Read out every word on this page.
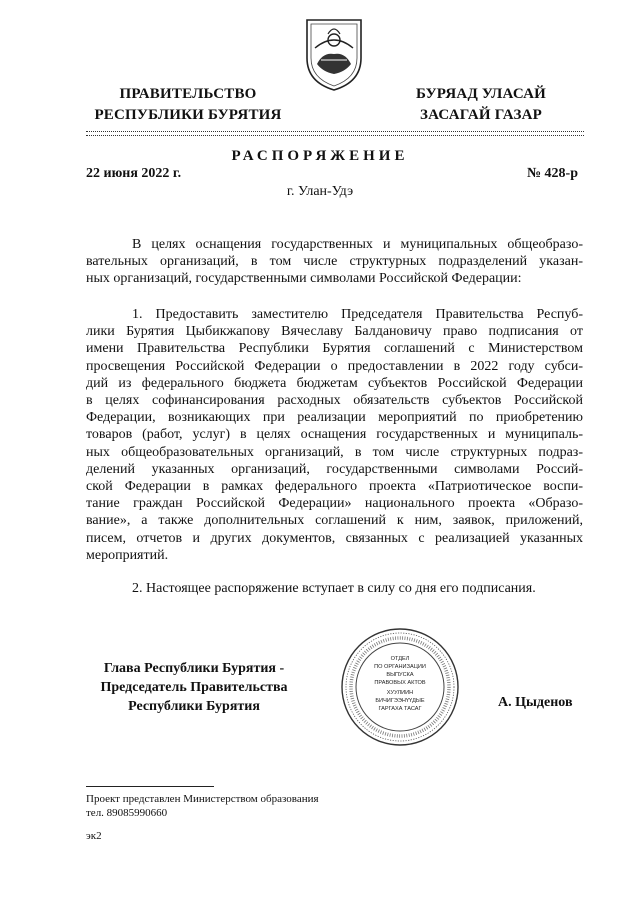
ПРАВИТЕЛЬСТВО
РЕСПУБЛИКИ БУРЯТИЯ
БУРЯАД УЛАСАЙ
ЗАСАГАЙ ГАЗАР
РАСПОРЯЖЕНИЕ
22 июня 2022 г.	№ 428-р
г. Улан-Удэ
В целях оснащения государственных и муниципальных общеобразо-
вательных организаций, в том числе структурных подразделений указан-
ных организаций, государственными символами Российской Федерации:
1. Предоставить заместителю Председателя Правительства Респуб-
лики Бурятия Цыбикжапову Вячеславу Балдановичу право подписания от
имени Правительства Республики Бурятия соглашений с Министерством
просвещения Российской Федерации о предоставлении в 2022 году субси-
дий из федерального бюджета бюджетам субъектов Российской Федерации
в целях софинансирования расходных обязательств субъектов Российской
Федерации, возникающих при реализации мероприятий по приобретению
товаров (работ, услуг) в целях оснащения государственных и муниципаль-
ных общеобразовательных организаций, в том числе структурных подраз-
делений указанных организаций, государственными символами Россий-
ской Федерации в рамках федерального проекта «Патриотическое воспи-
тание граждан Российской Федерации» национального проекта «Образо-
вание», а также дополнительных соглашений к ним, заявок, приложений,
писем, отчетов и других документов, связанных с реализацией указанных
мероприятий.
2. Настоящее распоряжение вступает в силу со дня его подписания.
Глава Республики Бурятия -
Председатель Правительства
Республики Бурятия
ОТДЕЛ
ПО ОРГАНИЗАЦИИ
ВЫПУСКА
ПРАВОВЫХ АКТОВ
ХУУЛИИН
БИЧИГЭЭНҮҮДЫЕ
ГАРГАХА ТАСАГ	А. Цыденов
Проект представлен Министерством образования
тел. 89085990660
эк2
